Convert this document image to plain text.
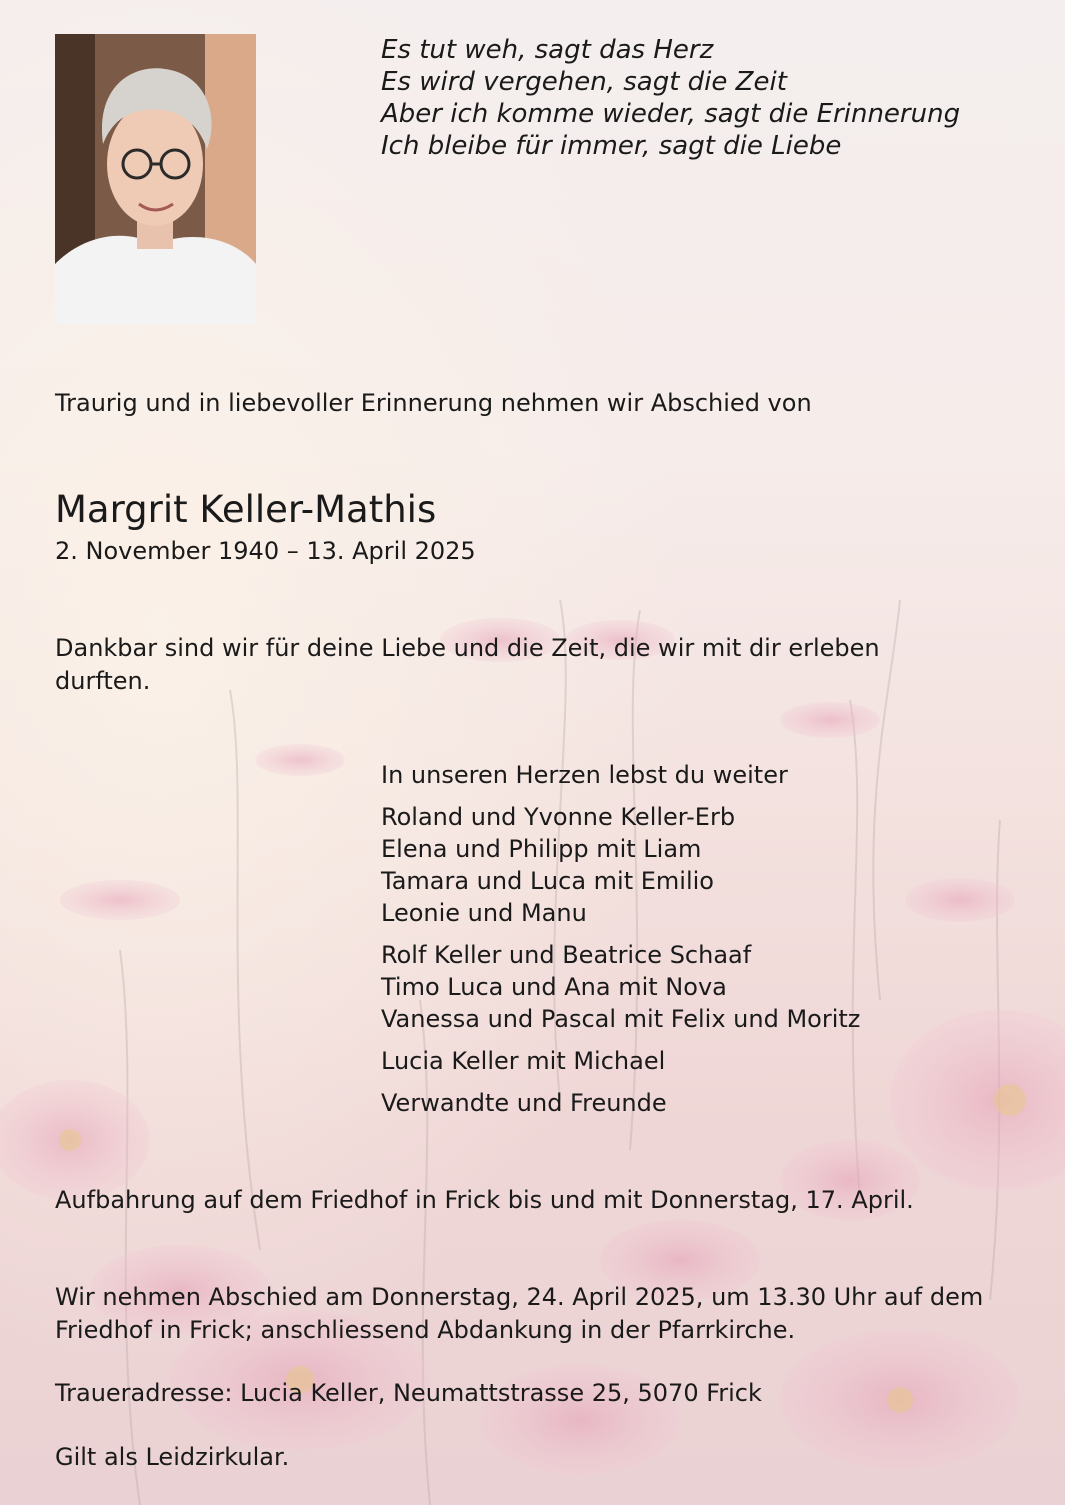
Es tut weh, sagt das Herz
Es wird vergehen, sagt die Zeit
Aber ich komme wieder, sagt die Erinnerung
Ich bleibe für immer, sagt die Liebe

Traurig und in liebevoller Erinnerung nehmen wir Abschied von

Margrit Keller-Mathis

2. November 1940 – 13. April 2025

Dankbar sind wir für deine Liebe und die Zeit, die wir mit dir erleben durften.

In unseren Herzen lebst du weiter
Roland und Yvonne Keller-Erb
Elena und Philipp mit Liam
Tamara und Luca mit Emilio
Leonie und Manu
Rolf Keller und Beatrice Schaaf
Timo Luca und Ana mit Nova
Vanessa und Pascal mit Felix und Moritz
Lucia Keller mit Michael
Verwandte und Freunde

Aufbahrung auf dem Friedhof in Frick bis und mit Donnerstag, 17. April.

Wir nehmen Abschied am Donnerstag, 24. April 2025, um 13.30 Uhr auf dem Friedhof in Frick; anschliessend Abdankung in der Pfarrkirche.

Traueradresse: Lucia Keller, Neumattstrasse 25, 5070 Frick

Gilt als Leidzirkular.
